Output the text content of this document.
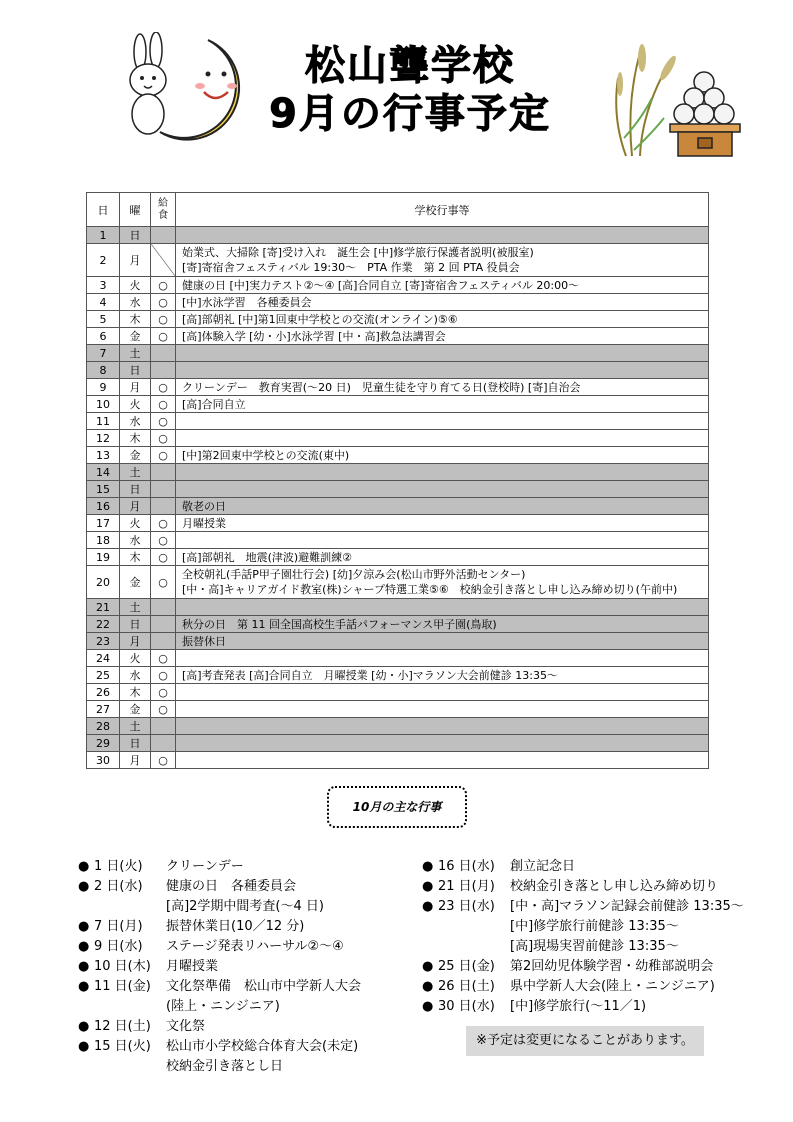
松山聾学校
9月の行事予定
日	曜	給食	学校行事等
1	日		

2	月		始業式、大掃除 [寄]受け入れ　誕生会 [中]修学旅行保護者説明(被服室)
[寄]寄宿舎フェスティバル 19:30～　PTA 作業　第 2 回 PTA 役員会

3	火	○	健康の日 [中]実力テスト②～④ [高]合同自立 [寄]寄宿舎フェスティバル 20:00～

4	水	○	[中]水泳学習　各種委員会

5	木	○	[高]部朝礼 [中]第1回東中学校との交流(オンライン)⑤⑥

6	金	○	[高]体験入学 [幼・小]水泳学習 [中・高]救急法講習会

7	土		

8	日		

9	月	○	クリーンデー　教育実習(～20 日)　児童生徒を守り育てる日(登校時) [寄]自治会

10	火	○	[高]合同自立

11	水	○	

12	木	○	

13	金	○	[中]第2回東中学校との交流(東中)

14	土		

15	日		

16	月		敬老の日

17	火	○	月曜授業

18	水	○	

19	木	○	[高]部朝礼　地震(津波)避難訓練②

20	金	○	全校朝礼(手話P甲子園壮行会) [幼]夕涼み会(松山市野外活動センター)
[中・高]キャリアガイド教室(株)シャープ特選工業⑤⑥　校納金引き落とし申し込み締め切り(午前中)

21	土		

22	日		秋分の日　第 11 回全国高校生手話パフォーマンス甲子園(鳥取)

23	月		振替休日

24	火	○	

25	水	○	[高]考査発表 [高]合同自立　月曜授業 [幼・小]マラソン大会前健診 13:35～

26	木	○	

27	金	○	

28	土		

29	日		

30	月	○	
10月の主な行事
● 1 日(火)	クリーンデー
● 2 日(水)	健康の日　各種委員会
[高]2学期中間考査(～4 日)
● 7 日(月)	振替休業日(10／12 分)
● 9 日(水)	ステージ発表リハーサル②～④
● 10 日(木)	月曜授業
● 11 日(金)	文化祭準備　松山市中学新人大会
(陸上・ニンジニア)
● 12 日(土)	文化祭
● 15 日(火)	松山市小学校総合体育大会(未定)
校納金引き落とし日
● 16 日(水)	創立記念日
● 21 日(月)	校納金引き落とし申し込み締め切り
● 23 日(水)	[中・高]マラソン記録会前健診 13:35～
[中]修学旅行前健診 13:35～
[高]現場実習前健診 13:35～
● 25 日(金)	第2回幼児体験学習・幼稚部説明会
● 26 日(土)	県中学新人大会(陸上・ニンジニア)
● 30 日(水)	[中]修学旅行(～11／1)
※予定は変更になることがあります。
